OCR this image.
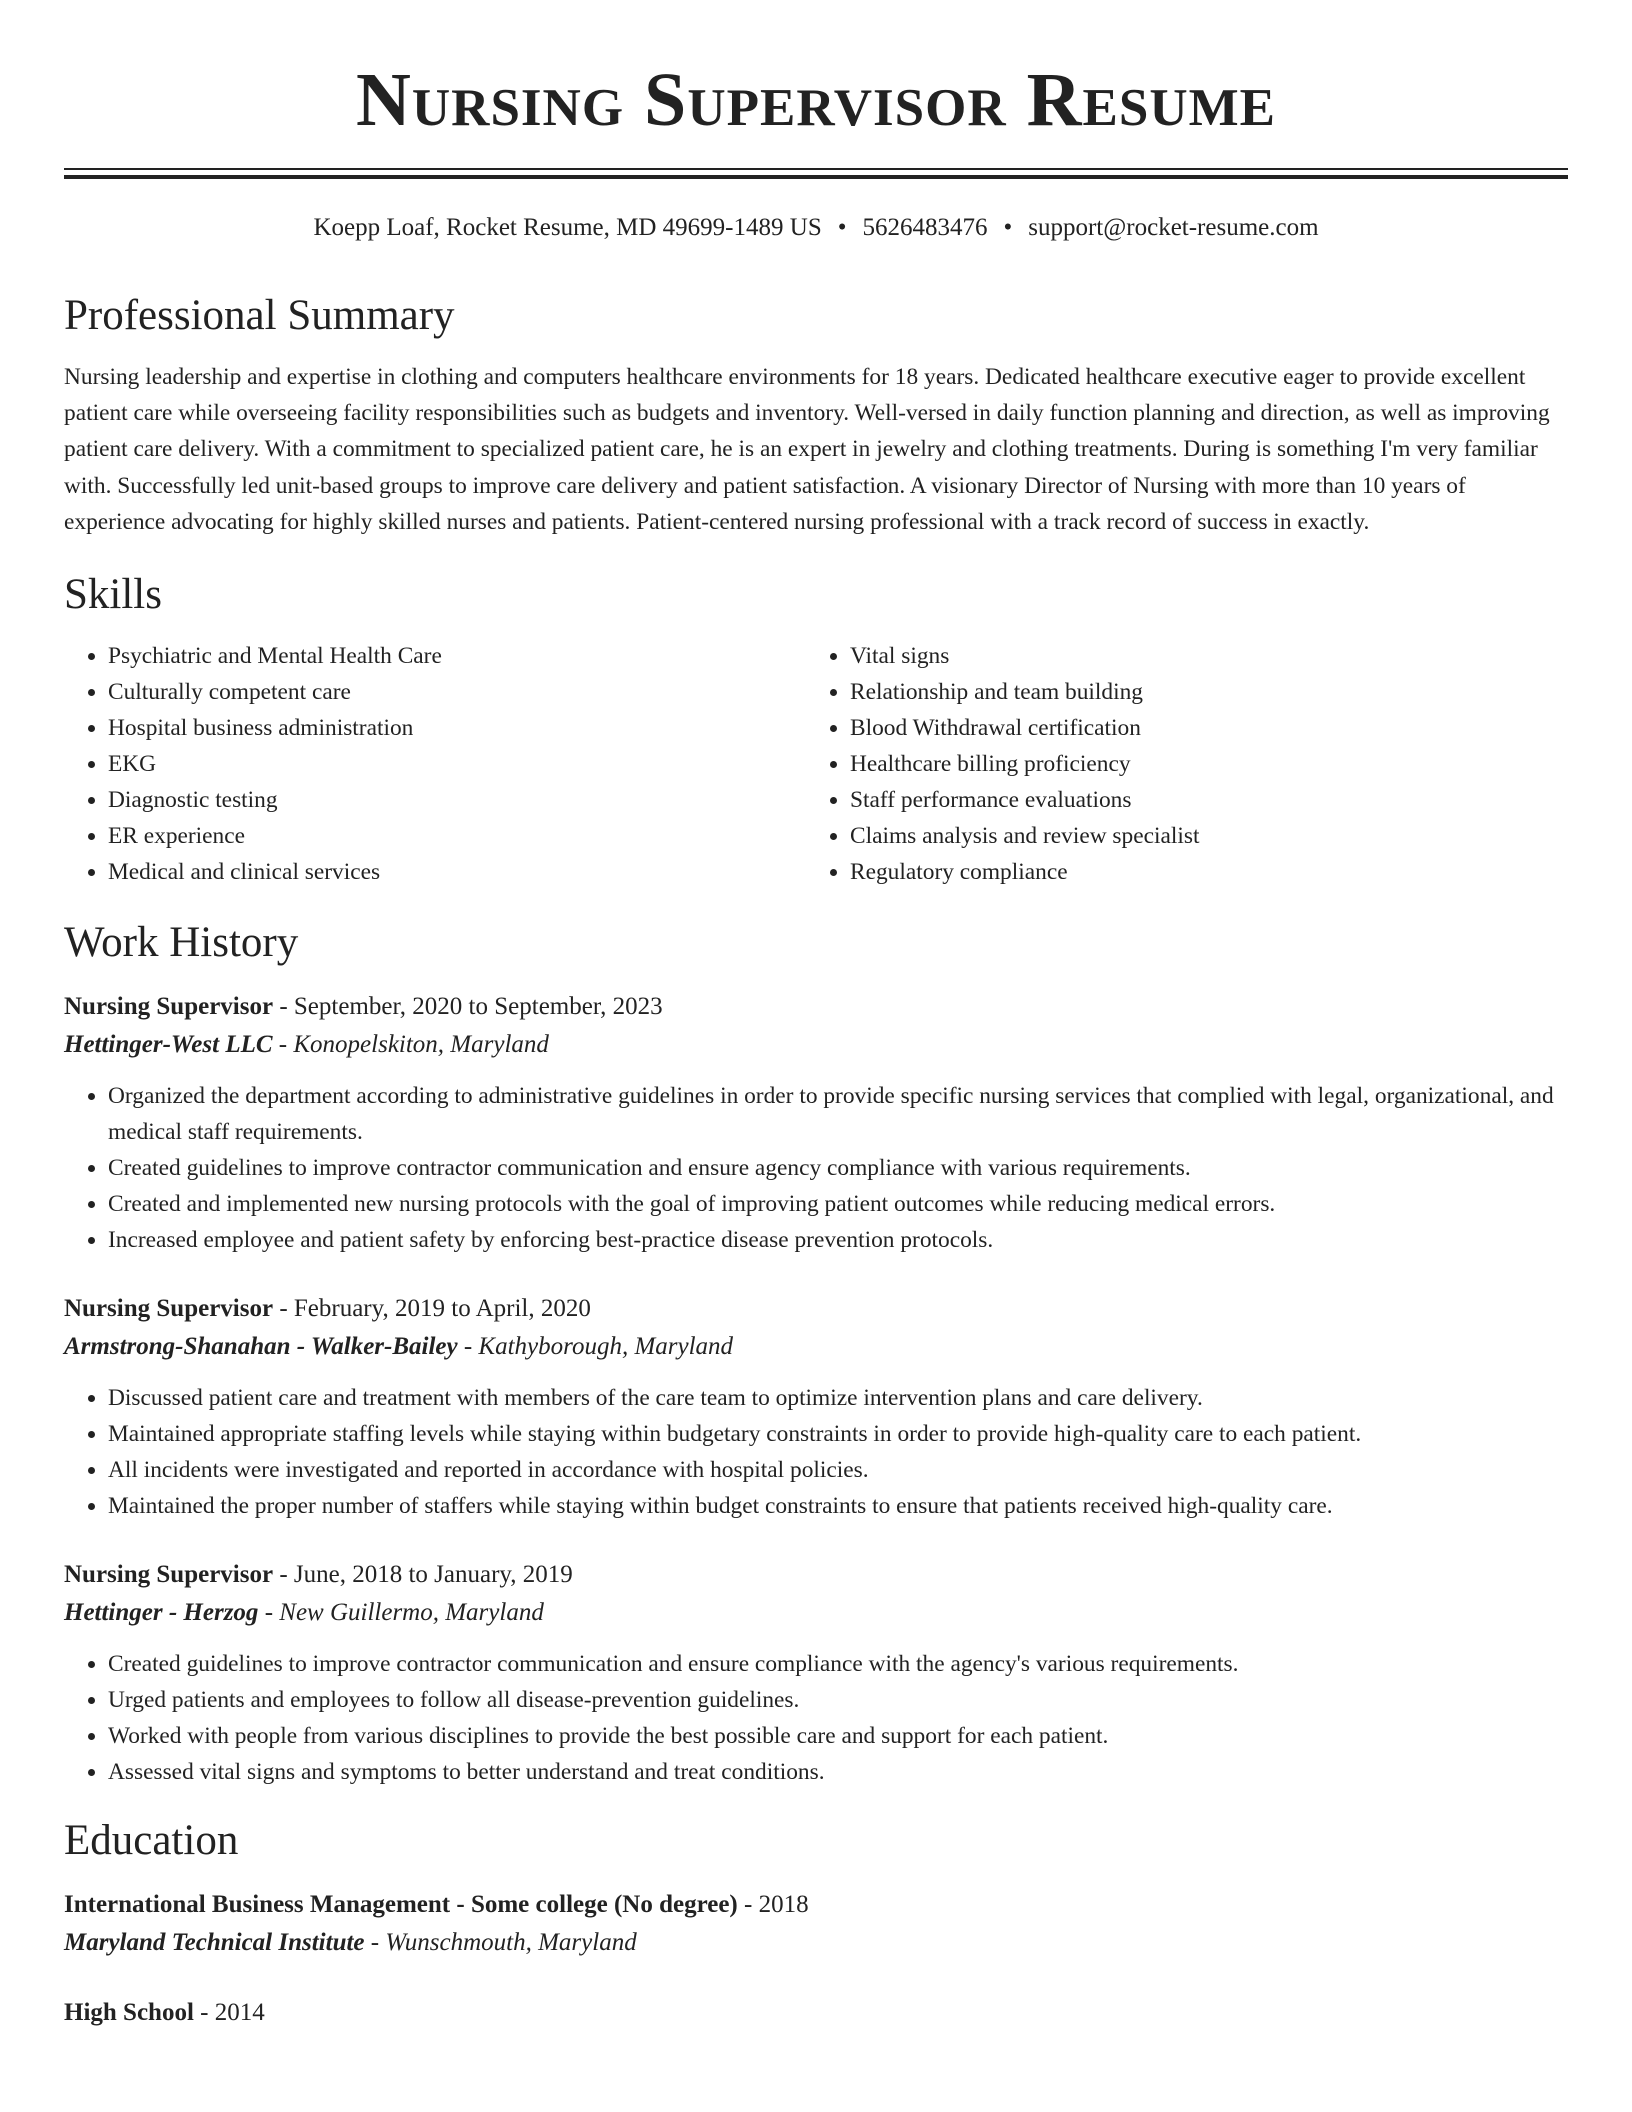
Nursing Supervisor Resume
Koepp Loaf, Rocket Resume, MD 49699-1489 US • 5626483476 • support@rocket-resume.com
Professional Summary

Nursing leadership and expertise in clothing and computers healthcare environments for 18 years. Dedicated healthcare executive eager to provide excellent patient care while overseeing facility responsibilities such as budgets and inventory. Well-versed in daily function planning and direction, as well as improving patient care delivery. With a commitment to specialized patient care, he is an expert in jewelry and clothing treatments. During is something I'm very familiar with. Successfully led unit-based groups to improve care delivery and patient satisfaction. A visionary Director of Nursing with more than 10 years of experience advocating for highly skilled nurses and patients. Patient-centered nursing professional with a track record of success in exactly.

Skills
• Psychiatric and Mental Health Care
• Culturally competent care
• Hospital business administration
• EKG
• Diagnostic testing
• ER experience
• Medical and clinical services
• Vital signs
• Relationship and team building
• Blood Withdrawal certification
• Healthcare billing proficiency
• Staff performance evaluations
• Claims analysis and review specialist
• Regulatory compliance
Work History
Nursing Supervisor - September, 2020 to September, 2023
Hettinger-West LLC - Konopelskiton, Maryland
• Organized the department according to administrative guidelines in order to provide specific nursing services that complied with legal, organizational, and medical staff requirements.
• Created guidelines to improve contractor communication and ensure agency compliance with various requirements.
• Created and implemented new nursing protocols with the goal of improving patient outcomes while reducing medical errors.
• Increased employee and patient safety by enforcing best-practice disease prevention protocols.
Nursing Supervisor - February, 2019 to April, 2020
Armstrong-Shanahan - Walker-Bailey - Kathyborough, Maryland
• Discussed patient care and treatment with members of the care team to optimize intervention plans and care delivery.
• Maintained appropriate staffing levels while staying within budgetary constraints in order to provide high-quality care to each patient.
• All incidents were investigated and reported in accordance with hospital policies.
• Maintained the proper number of staffers while staying within budget constraints to ensure that patients received high-quality care.
Nursing Supervisor - June, 2018 to January, 2019
Hettinger - Herzog - New Guillermo, Maryland
• Created guidelines to improve contractor communication and ensure compliance with the agency's various requirements.
• Urged patients and employees to follow all disease-prevention guidelines.
• Worked with people from various disciplines to provide the best possible care and support for each patient.
• Assessed vital signs and symptoms to better understand and treat conditions.
Education
International Business Management - Some college (No degree) - 2018
Maryland Technical Institute - Wunschmouth, Maryland
High School - 2014
